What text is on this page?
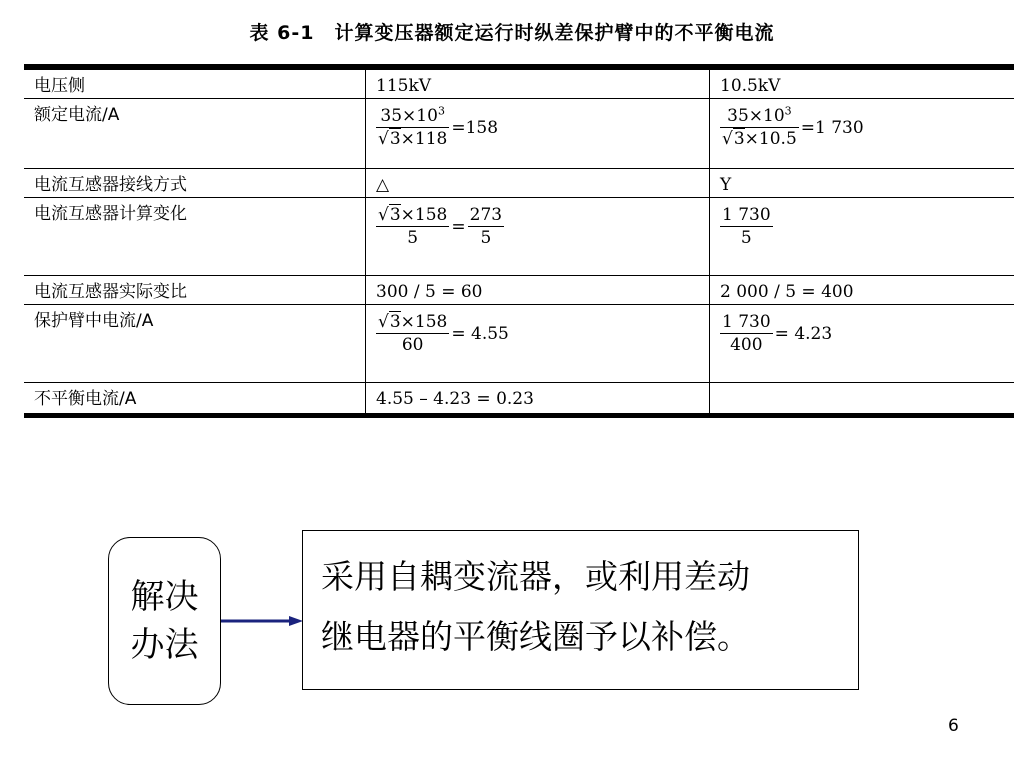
表 6-1　计算变压器额定运行时纵差保护臂中的不平衡电流
电压侧	115kV	10.5kV
额定电流/A	$\frac{35\times 10^3}{√3\times 118} =158$	$\frac{35\times 10^3}{√3\times 10.5} =1$ 730

电流互感器接线方式	△	Y
电流互感器计算变化	$\frac{√3\times 158}{5} = \frac{273}{5}$	$\frac{1 730}{5}$

电流互感器实际变比	300 / 5 = 60	2 000 / 5 = 400
保护臂中电流/A	$\frac{√3\times 158}{60} = 4.55$	$\frac{1 730}{400} = 4.23$

不平衡电流/A	4.55 – 4.23 = 0.23	
解决
办法
采用自耦变流器，或利用差动
继电器的平衡线圈予以补偿。
6
